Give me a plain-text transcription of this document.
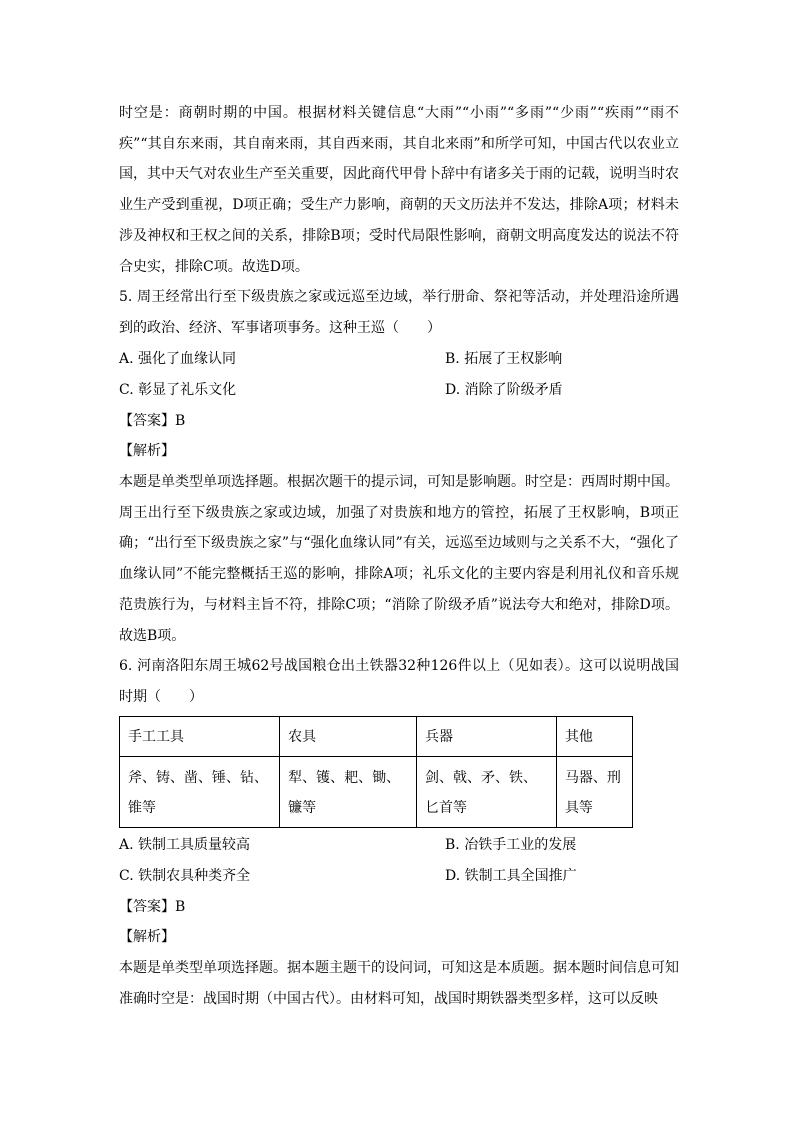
时空是：商朝时期的中国。根据材料关键信息“大雨”“小雨”“多雨”“少雨”“疾雨”“雨不疾”“其自东来雨，其自南来雨，其自西来雨，其自北来雨”和所学可知，中国古代以农业立国，其中天气对农业生产至关重要，因此商代甲骨卜辞中有诸多关于雨的记载，说明当时农业生产受到重视，D项正确；受生产力影响，商朝的天文历法并不发达，排除A项；材料未涉及神权和王权之间的关系，排除B项；受时代局限性影响，商朝文明高度发达的说法不符合史实，排除C项。故选D项。

5. 周王经常出行至下级贵族之家或远巡至边域，举行册命、祭祀等活动，并处理沿途所遇到的政治、经济、军事诸项事务。这种王巡（　　）

A. 强化了血缘认同	B. 拓展了王权影响
C. 彰显了礼乐文化	D. 消除了阶级矛盾

【答案】B

【解析】

本题是单类型单项选择题。根据次题干的提示词，可知是影响题。时空是：西周时期中国。周王出行至下级贵族之家或边域，加强了对贵族和地方的管控，拓展了王权影响，B项正确；“出行至下级贵族之家”与“强化血缘认同”有关，远巡至边域则与之关系不大，“强化了血缘认同”不能完整概括王巡的影响，排除A项；礼乐文化的主要内容是利用礼仪和音乐规范贵族行为，与材料主旨不符，排除C项；“消除了阶级矛盾”说法夸大和绝对，排除D项。故选B项。

6. 河南洛阳东周王城62号战国粮仓出土铁器32种126件以上（见如表）。这可以说明战国时期（　　）

手工工具	农具	兵器	其他
斧、铸、凿、锤、钻、锥等	犁、镬、耙、锄、镰等	剑、戟、矛、铁、匕首等	马器、刑具等
A. 铁制工具质量较高	B. 冶铁手工业的发展
C. 铁制农具种类齐全	D. 铁制工具全国推广

【答案】B

【解析】

本题是单类型单项选择题。据本题主题干的设问词，可知这是本质题。据本题时间信息可知准确时空是：战国时期（中国古代）。由材料可知，战国时期铁器类型多样，这可以反映
